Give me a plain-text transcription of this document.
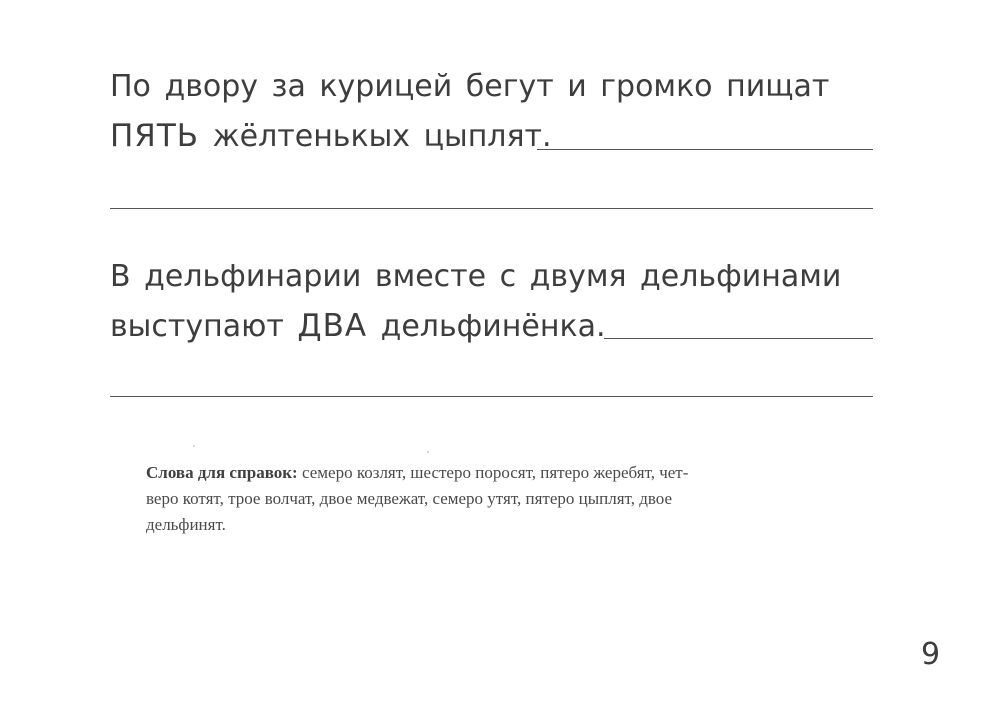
По двору за курицей бегут и громко пищат
ПЯТЬ жёлтенькых цыплят.
В дельфинарии вместе с двумя дельфинами
выступают ДВА дельфинёнка.
Слова для справок: семеро козлят, шестеро поросят, пятеро жеребят, чет-
веро котят, трое волчат, двое медвежат, семеро утят, пятеро цыплят, двое
дельфинят.
9
